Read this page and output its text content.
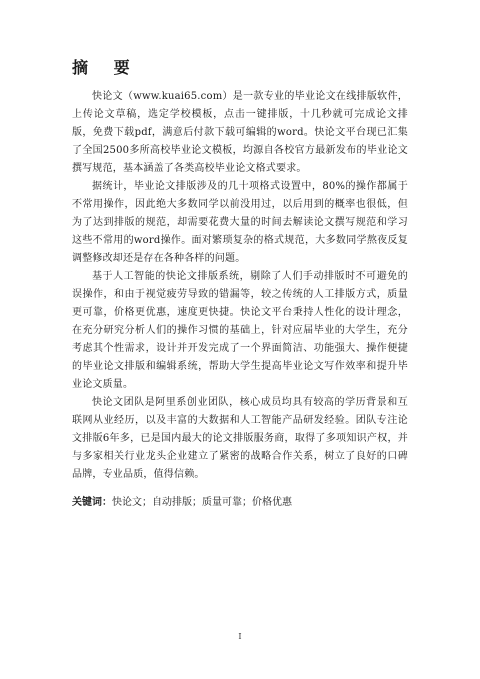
摘 要

快论文（www.kuai65.com）是一款专业的毕业论文在线排版软件，上传论文草稿，选定学校模板，点击一键排版，十几秒就可完成论文排版，免费下载pdf，满意后付款下载可编辑的word。快论文平台现已汇集了全国2500多所高校毕业论文模板，均源自各校官方最新发布的毕业论文撰写规范，基本涵盖了各类高校毕业论文格式要求。

据统计，毕业论文排版涉及的几十项格式设置中，80%的操作都属于不常用操作，因此绝大多数同学以前没用过，以后用到的概率也很低，但为了达到排版的规范，却需要花费大量的时间去解读论文撰写规范和学习这些不常用的word操作。面对繁琐复杂的格式规范，大多数同学熬夜反复调整修改却还是存在各种各样的问题。

基于人工智能的快论文排版系统，剔除了人们手动排版时不可避免的误操作，和由于视觉疲劳导致的错漏等，较之传统的人工排版方式，质量更可靠，价格更优惠，速度更快捷。快论文平台秉持人性化的设计理念，在充分研究分析人们的操作习惯的基础上，针对应届毕业的大学生，充分考虑其个性需求，设计并开发完成了一个界面简洁、功能强大、操作便捷的毕业论文排版和编辑系统，帮助大学生提高毕业论文写作效率和提升毕业论文质量。

快论文团队是阿里系创业团队，核心成员均具有较高的学历背景和互联网从业经历，以及丰富的大数据和人工智能产品研发经验。团队专注论文排版6年多，已是国内最大的论文排版服务商，取得了多项知识产权，并与多家相关行业龙头企业建立了紧密的战略合作关系，树立了良好的口碑品牌，专业品质，值得信赖。

关键词：快论文；自动排版；质量可靠；价格优惠
I
